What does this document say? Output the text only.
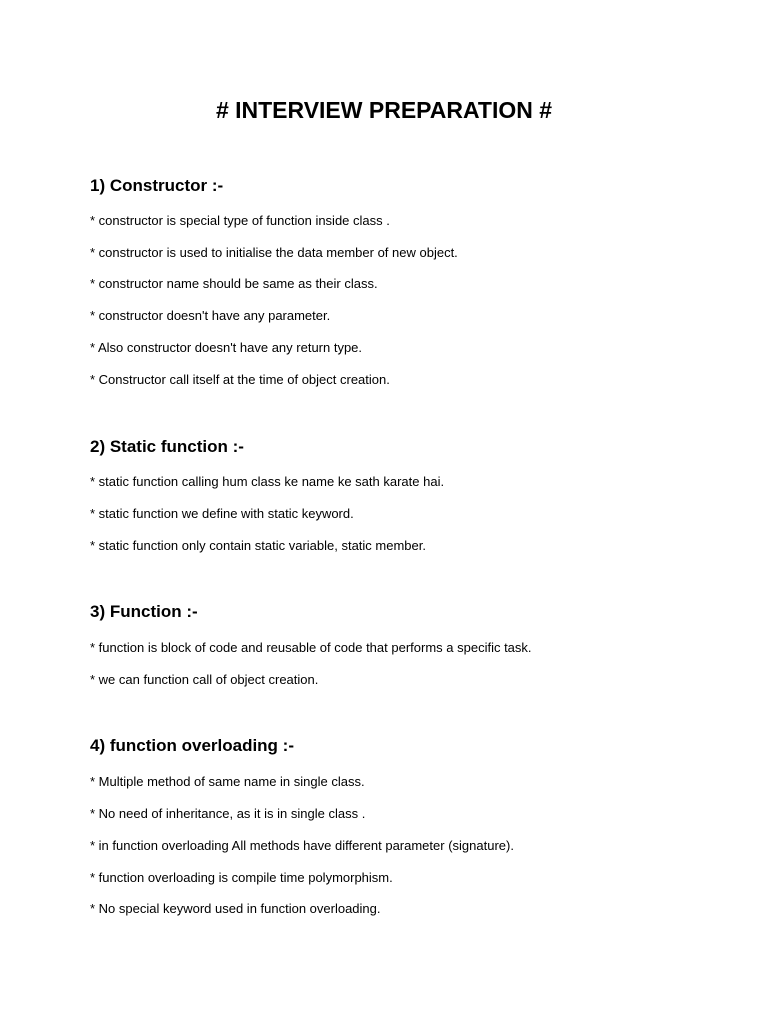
# INTERVIEW PREPARATION #
1) Constructor :-

* constructor is special type of function inside class .

* constructor is used to initialise the data member of new object.

* constructor name should be same as their class.

* constructor doesn't have any parameter.

* Also constructor doesn't have any return type.

* Constructor call itself at the time of object creation.

2) Static function :-

* static function calling hum class ke name ke sath karate hai.

* static function we define with static keyword.

* static function only contain static variable, static member.

3) Function :-

* function is block of code and reusable of code that performs a specific task.

* we can function call of object creation.

4) function overloading :-

* Multiple method of same name in single class.

* No need of inheritance, as it is in single class .

* in function overloading All methods have different parameter (signature).

* function overloading is compile time polymorphism.

* No special keyword used in function overloading.
